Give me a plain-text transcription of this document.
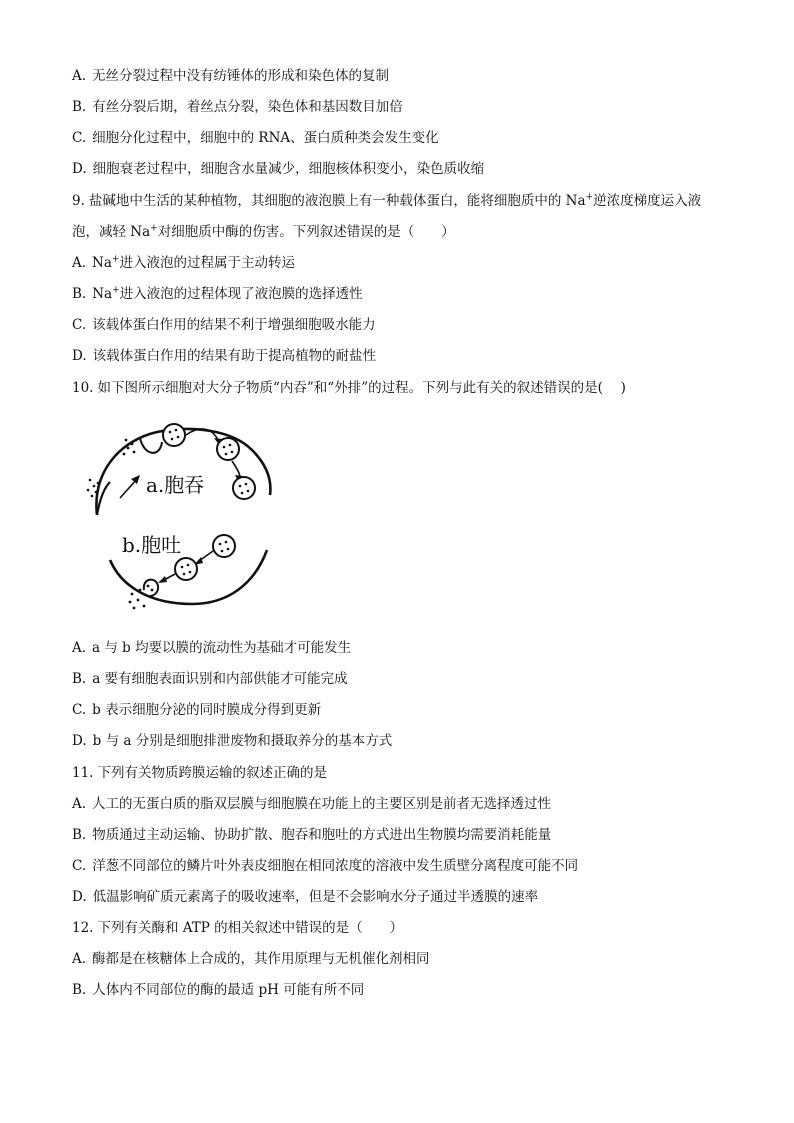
A. 无丝分裂过程中没有纺锤体的形成和染色体的复制
B. 有丝分裂后期，着丝点分裂，染色体和基因数目加倍
C. 细胞分化过程中，细胞中的 RNA、蛋白质种类会发生变化
D. 细胞衰老过程中，细胞含水量减少，细胞核体积变小，染色质收缩
9. 盐碱地中生活的某种植物，其细胞的液泡膜上有一种载体蛋白，能将细胞质中的 Na+逆浓度梯度运入液
泡，减轻 Na+对细胞质中酶的伤害。下列叙述错误的是（　　）
A. Na+进入液泡的过程属于主动转运
B. Na+进入液泡的过程体现了液泡膜的选择透性
C. 该载体蛋白作用的结果不利于增强细胞吸水能力
D. 该载体蛋白作用的结果有助于提高植物的耐盐性
10. 如下图所示细胞对大分子物质“内吞”和“外排”的过程。下列与此有关的叙述错误的是(　 )
a.胞吞
b.胞吐
A. a 与 b 均要以膜的流动性为基础才可能发生
B. a 要有细胞表面识别和内部供能才可能完成
C. b 表示细胞分泌的同时膜成分得到更新
D. b 与 a 分别是细胞排泄废物和摄取养分的基本方式
11. 下列有关物质跨膜运输的叙述正确的是
A. 人工的无蛋白质的脂双层膜与细胞膜在功能上的主要区别是前者无选择透过性
B. 物质通过主动运输、协助扩散、胞吞和胞吐的方式进出生物膜均需要消耗能量
C. 洋葱不同部位的鳞片叶外表皮细胞在相同浓度的溶液中发生质壁分离程度可能不同
D. 低温影响矿质元素离子的吸收速率，但是不会影响水分子通过半透膜的速率
12. 下列有关酶和 ATP 的相关叙述中错误的是（　　）
A. 酶都是在核糖体上合成的，其作用原理与无机催化剂相同
B. 人体内不同部位的酶的最适 pH 可能有所不同
